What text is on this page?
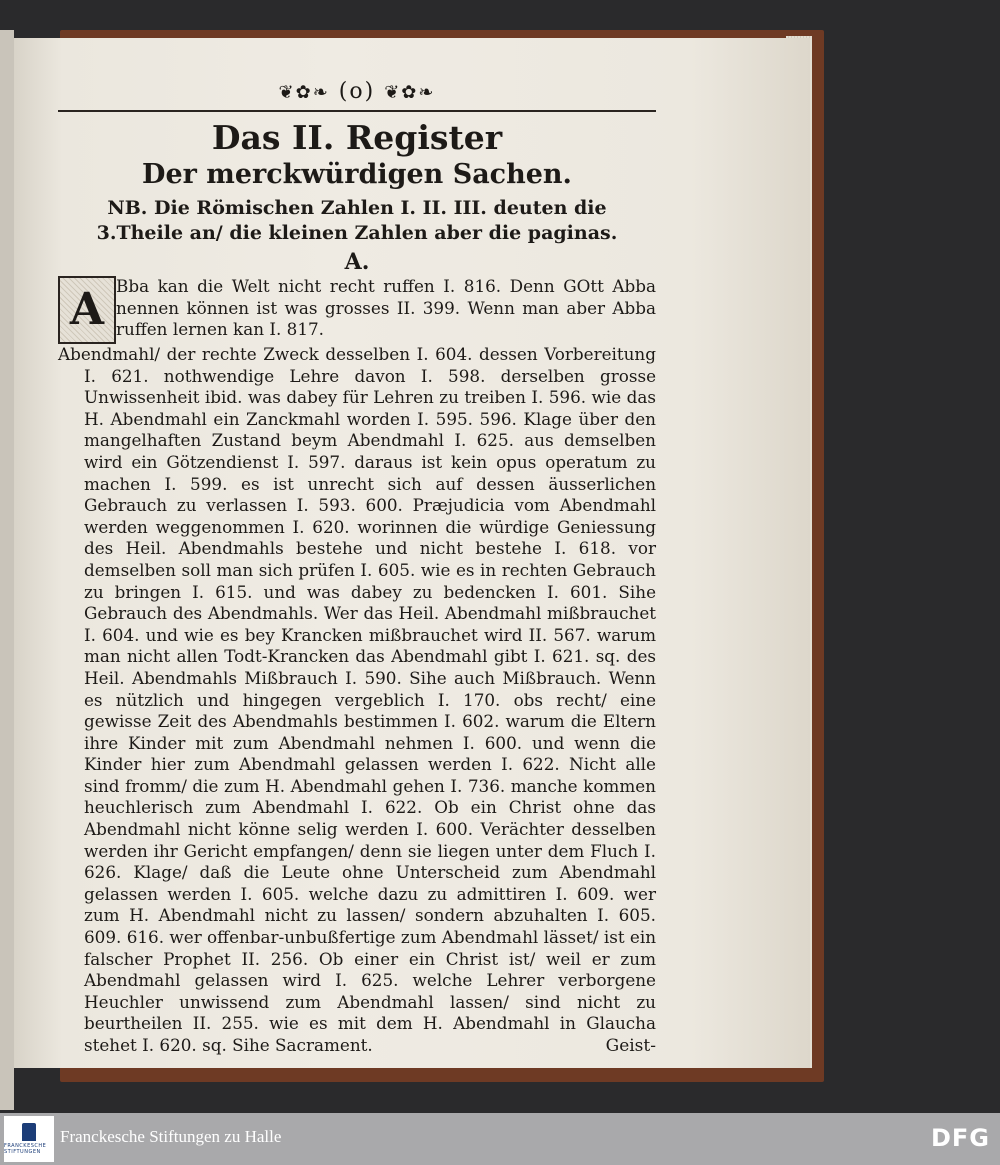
❦✿❧ (o) ❦✿❧
Das II. Register
Der merckwürdigen Sachen.
NB. Die Römischen Zahlen I. II. III. deuten die 3.Theile an/ die kleinen Zahlen aber die paginas.
A.
A Bba kan die Welt nicht recht ruffen I. 816. Denn GOtt Abba nennen können ist was grosses II. 399. Wenn man aber Abba ruffen lernen kan I. 817.
Abendmahl/ der rechte Zweck desselben I. 604. dessen Vorbereitung I. 621. nothwendige Lehre davon I. 598. derselben grosse Unwissenheit ibid. was dabey für Lehren zu treiben I. 596. wie das H. Abendmahl ein Zanckmahl worden I. 595. 596. Klage über den mangelhaften Zustand beym Abendmahl I. 625. aus demselben wird ein Götzendienst I. 597. daraus ist kein opus operatum zu machen I. 599. es ist unrecht sich auf dessen äusserlichen Gebrauch zu verlassen I. 593. 600. Præjudicia vom Abendmahl werden weggenommen I. 620. worinnen die würdige Geniessung des Heil. Abendmahls bestehe und nicht bestehe I. 618. vor demselben soll man sich prüfen I. 605. wie es in rechten Gebrauch zu bringen I. 615. und was dabey zu bedencken I. 601. Sihe Gebrauch des Abendmahls. Wer das Heil. Abendmahl mißbrauchet I. 604. und wie es bey Krancken mißbrauchet wird II. 567. warum man nicht allen Todt-Krancken das Abendmahl gibt I. 621. sq. des Heil. Abendmahls Mißbrauch I. 590. Sihe auch Mißbrauch. Wenn es nützlich und hingegen vergeblich I. 170. obs recht/ eine gewisse Zeit des Abendmahls bestimmen I. 602. warum die Eltern ihre Kinder mit zum Abendmahl nehmen I. 600. und wenn die Kinder hier zum Abendmahl gelassen werden I. 622. Nicht alle sind fromm/ die zum H. Abendmahl gehen I. 736. manche kommen heuchlerisch zum Abendmahl I. 622. Ob ein Christ ohne das Abendmahl nicht könne selig werden I. 600. Verächter desselben werden ihr Gericht empfangen/ denn sie liegen unter dem Fluch I. 626. Klage/ daß die Leute ohne Unterscheid zum Abendmahl gelassen werden I. 605. welche dazu zu admittiren I. 609. wer zum H. Abendmahl nicht zu lassen/ sondern abzuhalten I. 605. 609. 616. wer offenbar-unbußfertige zum Abendmahl lässet/ ist ein falscher Prophet II. 256. Ob einer ein Christ ist/ weil er zum Abendmahl gelassen wird I. 625. welche Lehrer verborgene Heuchler unwissend zum Abendmahl lassen/ sind nicht zu beurtheilen II. 255. wie es mit dem H. Abendmahl in Glaucha stehet I. 620. sq. Sihe Sacrament.	Geist-
FRANCKESCHE STIFTUNGEN
Franckesche Stiftungen zu Halle	DFG
